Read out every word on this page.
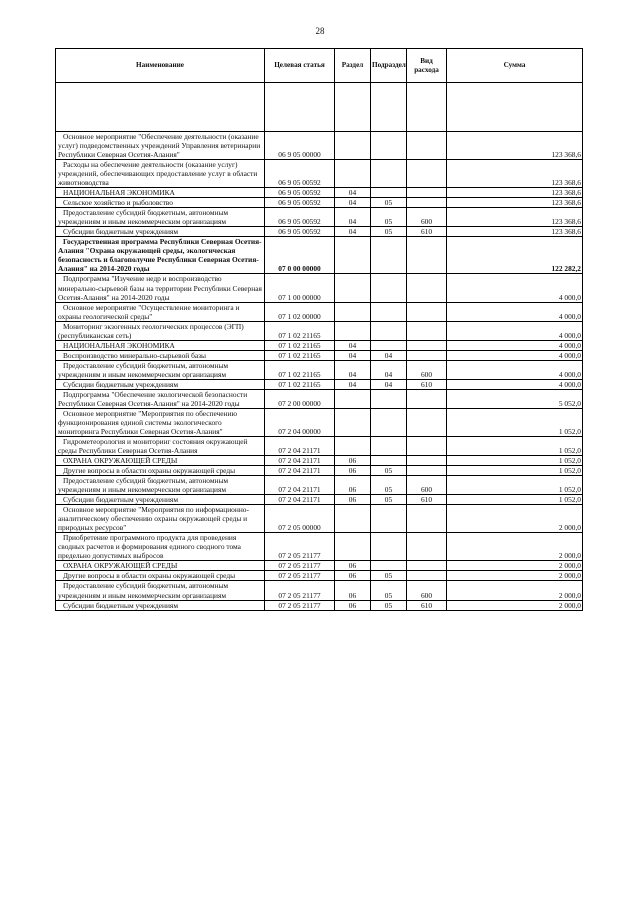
28
Наименование	Целевая статья	Раздел	Подраздел	Вид расхода	Сумма

Основное мероприятие "Обеспечение деятельности (оказание услуг) подведомственных учреждений Управления ветеринарии Республики Северная Осетия-Алания"	06 9 05 00000				123 368,6
Расходы на обеспечение деятельности (оказание услуг) учреждений, обеспечивающих предоставление услуг в области животноводства	06 9 05 00592				123 368,6
НАЦИОНАЛЬНАЯ ЭКОНОМИКА	06 9 05 00592	04			123 368,6
Сельское хозяйство и рыболовство	06 9 05 00592	04	05		123 368,6
Предоставление субсидий бюджетным, автономным учреждениям и иным некоммерческим организациям	06 9 05 00592	04	05	600	123 368,6
Субсидии бюджетным учреждениям	06 9 05 00592	04	05	610	123 368,6
Государственная программа Республики Северная Осетия-Алания "Охрана окружающей среды, экологическая безопасность и благополучие Республики Северная Осетия-Алания" на 2014-2020 годы	07 0 00 00000				122 282,2
Подпрограмма "Изучение недр и воспроизводство минерально-сырьевой базы на территории Республики Северная Осетия-Алания" на 2014-2020 годы	07 1 00 00000				4 000,0
Основное мероприятие "Осуществление мониторинга и охраны геологической среды"	07 1 02 00000				4 000,0
Мониторинг экзогенных геологических процессов (ЭГП) (республиканская сеть)	07 1 02 21165				4 000,0
НАЦИОНАЛЬНАЯ ЭКОНОМИКА	07 1 02 21165	04			4 000,0
Воспроизводство минерально-сырьевой базы	07 1 02 21165	04	04		4 000,0
Предоставление субсидий бюджетным, автономным учреждениям и иным некоммерческим организациям	07 1 02 21165	04	04	600	4 000,0
Субсидии бюджетным учреждениям	07 1 02 21165	04	04	610	4 000,0
Подпрограмма "Обеспечение экологической безопасности Республики Северная Осетия-Алания" на 2014-2020 годы	07 2 00 00000				5 052,0
Основное мероприятие "Мероприятия по обеспечению функционирования единой системы экологического мониторинга Республики Северная Осетия-Алания"	07 2 04 00000				1 052,0
Гидрометеорология и мониторинг состояния окружающей среды Республики Северная Осетия-Алания	07 2 04 21171				1 052,0
ОХРАНА ОКРУЖАЮЩЕЙ СРЕДЫ	07 2 04 21171	06			1 052,0
Другие вопросы в области охраны окружающей среды	07 2 04 21171	06	05		1 052,0
Предоставление субсидий бюджетным, автономным учреждениям и иным некоммерческим организациям	07 2 04 21171	06	05	600	1 052,0
Субсидии бюджетным учреждениям	07 2 04 21171	06	05	610	1 052,0
Основное мероприятие "Мероприятия по информационно-аналитическому обеспечению охраны окружающей среды и природных ресурсов"	07 2 05 00000				2 000,0
Приобретение программного продукта для проведения сводных расчетов и формирования единого сводного тома предельно допустимых выбросов	07 2 05 21177				2 000,0
ОХРАНА ОКРУЖАЮЩЕЙ СРЕДЫ	07 2 05 21177	06			2 000,0
Другие вопросы в области охраны окружающей среды	07 2 05 21177	06	05		2 000,0
Предоставление субсидий бюджетным, автономным учреждениям и иным некоммерческим организациям	07 2 05 21177	06	05	600	2 000,0
Субсидии бюджетным учреждениям	07 2 05 21177	06	05	610	2 000,0
